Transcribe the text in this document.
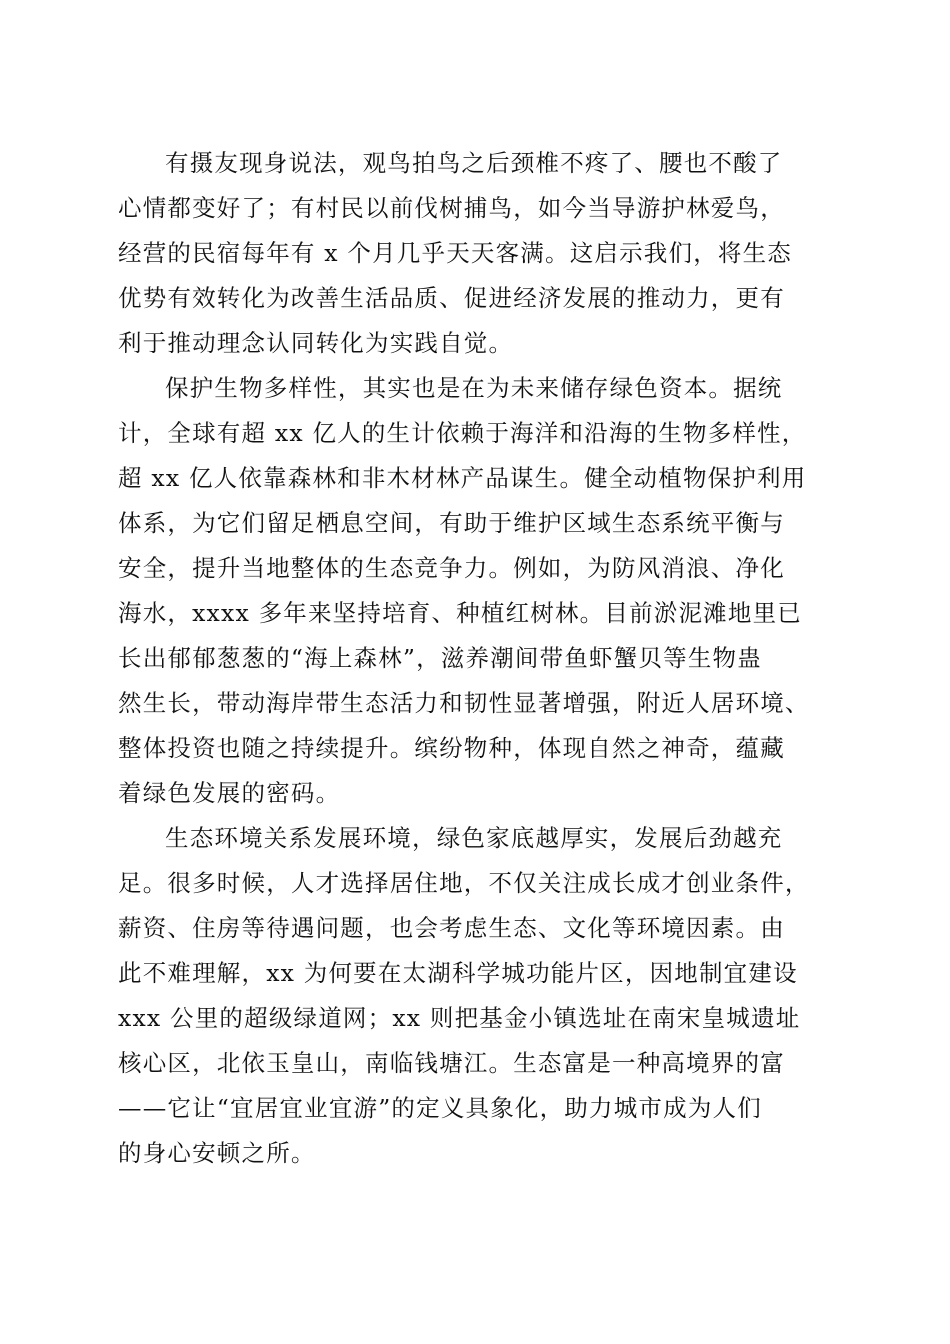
有摄友现身说法，观鸟拍鸟之后颈椎不疼了、腰也不酸了
心情都变好了；有村民以前伐树捕鸟，如今当导游护林爱鸟，
经营的民宿每年有 x 个月几乎天天客满。这启示我们，将生态
优势有效转化为改善生活品质、促进经济发展的推动力，更有
利于推动理念认同转化为实践自觉。
保护生物多样性，其实也是在为未来储存绿色资本。据统
计，全球有超 xx 亿人的生计依赖于海洋和沿海的生物多样性，
超 xx 亿人依靠森林和非木材林产品谋生。健全动植物保护利用
体系，为它们留足栖息空间，有助于维护区域生态系统平衡与
安全，提升当地整体的生态竞争力。例如，为防风消浪、净化
海水，xxxx 多年来坚持培育、种植红树林。目前淤泥滩地里已
长出郁郁葱葱的“海上森林”，滋养潮间带鱼虾蟹贝等生物蛊
然生长，带动海岸带生态活力和韧性显著增强，附近人居环境、
整体投资也随之持续提升。缤纷物种，体现自然之神奇，蕴藏
着绿色发展的密码。
生态环境关系发展环境，绿色家底越厚实，发展后劲越充
足。很多时候，人才选择居住地，不仅关注成长成才创业条件，
薪资、住房等待遇问题，也会考虑生态、文化等环境因素。由
此不难理解，xx 为何要在太湖科学城功能片区，因地制宜建设
xxx 公里的超级绿道网；xx 则把基金小镇选址在南宋皇城遗址
核心区，北依玉皇山，南临钱塘江。生态富是一种高境界的富
——它让“宜居宜业宜游”的定义具象化，助力城市成为人们
的身心安顿之所。
